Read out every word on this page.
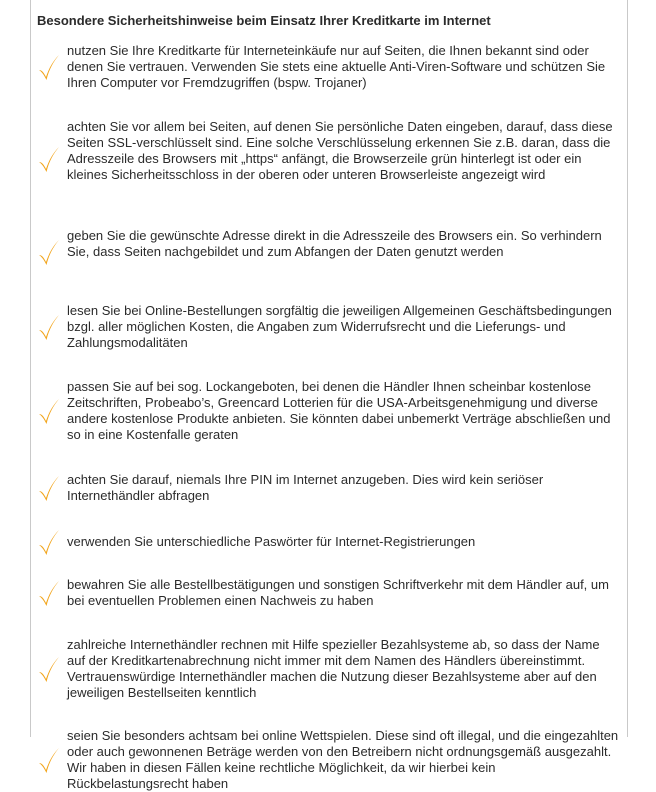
Besondere Sicherheitshinweise beim Einsatz Ihrer Kreditkarte im Internet
nutzen Sie Ihre Kreditkarte für Interneteinkäufe nur auf Seiten, die Ihnen bekannt sind oder denen Sie vertrauen. Verwenden Sie stets eine aktuelle Anti-Viren-Software und schützen Sie Ihren Computer vor Fremdzugriffen (bspw. Trojaner)
achten Sie vor allem bei Seiten, auf denen Sie persönliche Daten eingeben, darauf, dass diese Seiten SSL-verschlüsselt sind. Eine solche Verschlüsselung erkennen Sie z.B. daran, dass die Adresszeile des Browsers mit „https“ anfängt, die Browserzeile grün hinterlegt ist oder ein kleines Sicherheitsschloss in der oberen oder unteren Browserleiste angezeigt wird
geben Sie die gewünschte Adresse direkt in die Adresszeile des Browsers ein. So verhindern Sie, dass Seiten nachgebildet und zum Abfangen der Daten genutzt werden
lesen Sie bei Online-Bestellungen sorgfältig die jeweiligen Allgemeinen Geschäftsbedingungen bzgl. aller möglichen Kosten, die Angaben zum Widerrufsrecht und die Lieferungs- und Zahlungsmodalitäten
passen Sie auf bei sog. Lockangeboten, bei denen die Händler Ihnen scheinbar kostenlose Zeitschriften, Probeabo’s, Greencard Lotterien für die USA-Arbeitsgenehmigung und diverse andere kostenlose Produkte anbieten. Sie könnten dabei unbemerkt Verträge abschließen und so in eine Kostenfalle geraten
achten Sie darauf, niemals Ihre PIN im Internet anzugeben. Dies wird kein seriöser Internethändler abfragen
verwenden Sie unterschiedliche Paswörter für Internet-Registrierungen
bewahren Sie alle Bestellbestätigungen und sonstigen Schriftverkehr mit dem Händler auf, um bei eventuellen Problemen einen Nachweis zu haben
zahlreiche Internethändler rechnen mit Hilfe spezieller Bezahlsysteme ab, so dass der Name auf der Kreditkartenabrechnung nicht immer mit dem Namen des Händlers übereinstimmt. Vertrauenswürdige Internethändler machen die Nutzung dieser Bezahlsysteme aber auf den jeweiligen Bestellseiten kenntlich
seien Sie besonders achtsam bei online Wettspielen. Diese sind oft illegal, und die eingezahlten oder auch gewonnenen Beträge werden von den Betreibern nicht ordnungsgemäß ausgezahlt. Wir haben in diesen Fällen keine rechtliche Möglichkeit, da wir hierbei kein Rückbelastungsrecht haben
